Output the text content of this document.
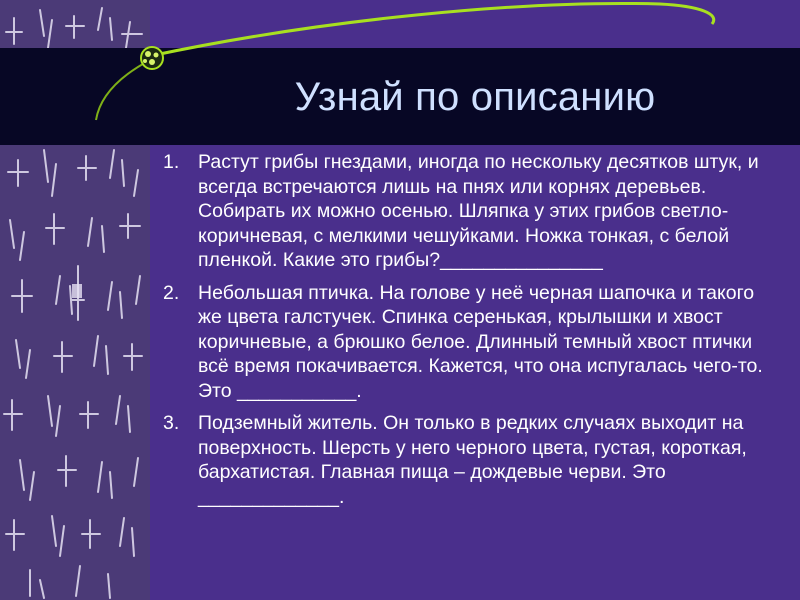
Узнай по описанию
1. Растут грибы гнездами, иногда по нескольку десятков штук, и всегда встречаются лишь на пнях или корнях деревьев. Собирать их можно осенью. Шляпка у этих грибов светло-коричневая, с мелкими чешуйками. Ножка тонкая, с белой пленкой. Какие это грибы?_______________
2. Небольшая птичка. На голове у неё черная шапочка и такого же цвета галстучек. Спинка серенькая, крылышки и хвост коричневые, а брюшко белое. Длинный темный хвост птички всё время покачивается. Кажется, что она испугалась чего-то. Это ___________.
3. Подземный житель. Он только в редких случаях выходит на поверхность. Шерсть у него черного цвета, густая, короткая, бархатистая. Главная пища – дождевые черви. Это _____________.
